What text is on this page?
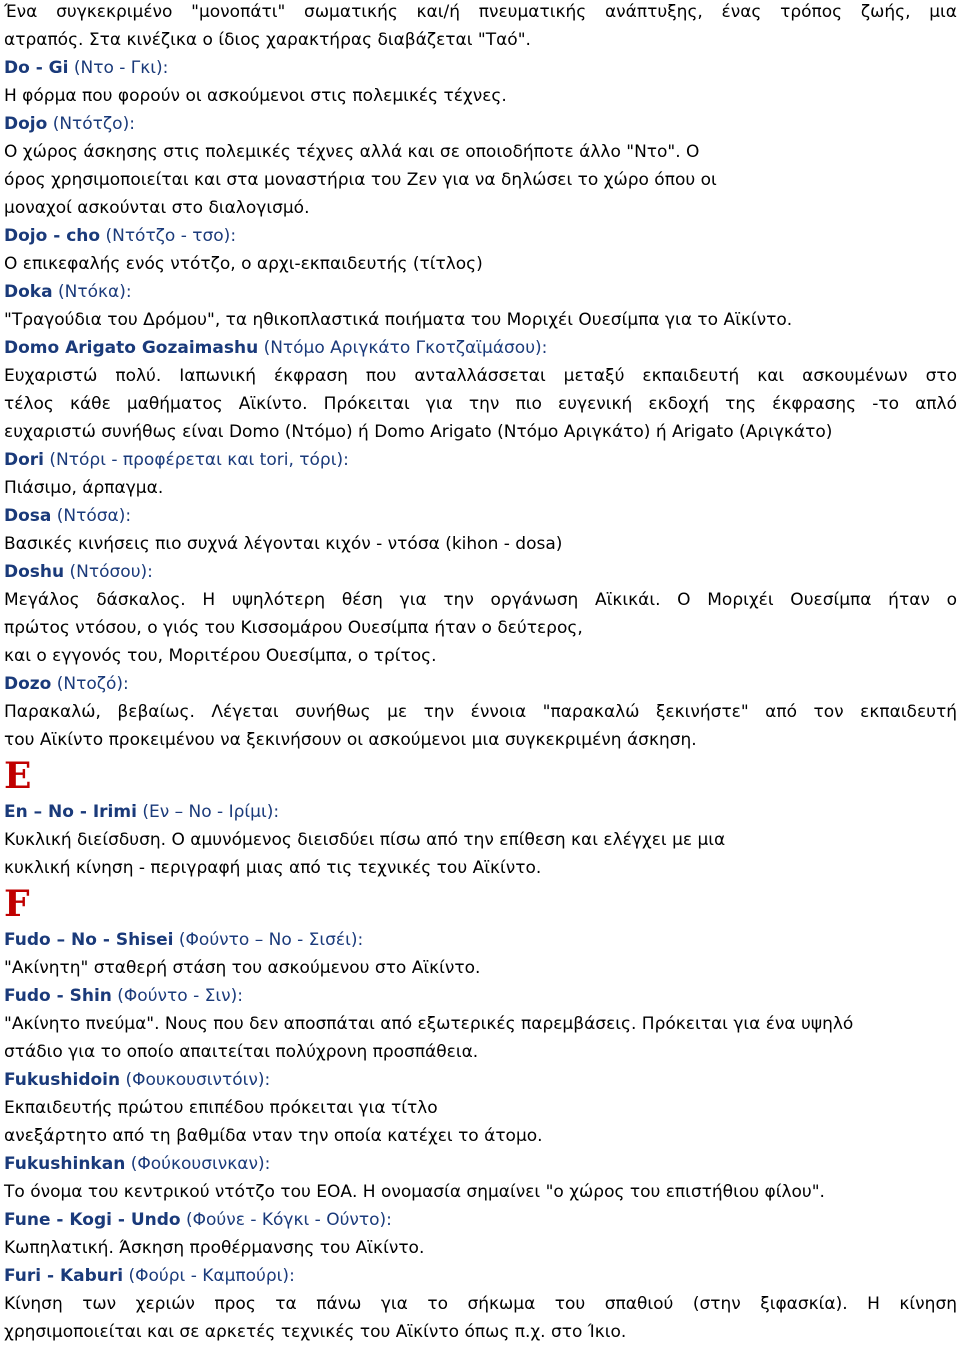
Ένα συγκεκριμένο "μονοπάτι" σωματικής και/ή πνευματικής ανάπτυξης, ένας τρόπος ζωής, μια
ατραπός. Στα κινέζικα ο ίδιος χαρακτήρας διαβάζεται "Ταό".
Do - Gi (Ντο - Γκι):
Η φόρμα που φορούν οι ασκούμενοι στις πολεμικές τέχνες.
Dojo (Ντότζο):
Ο χώρος άσκησης στις πολεμικές τέχνες αλλά και σε οποιοδήποτε άλλο "Ντο". Ο
όρος χρησιμοποιείται και στα μοναστήρια του Ζεν για να δηλώσει το χώρο όπου οι
μοναχοί ασκούνται στο διαλογισμό.
Dojo - cho (Ντότζο - τσο):
Ο επικεφαλής ενός ντότζο, ο αρχι-εκπαιδευτής (τίτλος)
Doka (Ντόκα):
"Τραγούδια του Δρόμου", τα ηθικοπλαστικά ποιήματα του Μοριχέι Ουεσίμπα για το Αϊκίντο.
Domo Arigato Gozaimashu (Ντόμο Αριγκάτο Γκοτζαϊμάσου):
Ευχαριστώ πολύ. Ιαπωνική έκφραση που ανταλλάσσεται μεταξύ εκπαιδευτή και ασκουμένων στο
τέλος κάθε μαθήματος Αϊκίντο. Πρόκειται για την πιο ευγενική εκδοχή της έκφρασης -το απλό
ευχαριστώ συνήθως είναι Domo (Ντόμο) ή Domo Arigato (Ντόμο Αριγκάτο) ή Arigato (Αριγκάτο)
Dori (Ντόρι - προφέρεται και tori, τόρι):
Πιάσιμο, άρπαγμα.
Dosa (Ντόσα):
Βασικές κινήσεις πιο συχνά λέγονται κιχόν - ντόσα (kihon - dosa)
Doshu (Ντόσου):
Μεγάλος δάσκαλος. Η υψηλότερη θέση για την οργάνωση Αϊκικάι. Ο Μοριχέι Ουεσίμπα ήταν ο
πρώτος ντόσου, ο γιός του Κισσομάρου Ουεσίμπα ήταν ο δεύτερος,
και ο εγγονός του, Μοριτέρου Ουεσίμπα, ο τρίτος.
Dozo (Ντοζό):
Παρακαλώ, βεβαίως. Λέγεται συνήθως με την έννοια "παρακαλώ ξεκινήστε" από τον εκπαιδευτή
του Αϊκίντο προκειμένου να ξεκινήσουν οι ασκούμενοι μια συγκεκριμένη άσκηση.
E
En – No - Irimi (Εν – Νο - Ιρίμι):
Κυκλική διείσδυση. Ο αμυνόμενος διεισδύει πίσω από την επίθεση και ελέγχει με μια
κυκλική κίνηση - περιγραφή μιας από τις τεχνικές του Αϊκίντο.
F
Fudo – No - Shisei (Φούντο – Νο - Σισέι):
"Ακίνητη" σταθερή στάση του ασκούμενου στο Αϊκίντο.
Fudo - Shin (Φούντο - Σιν):
"Ακίνητο πνεύμα". Νους που δεν αποσπάται από εξωτερικές παρεμβάσεις. Πρόκειται για ένα υψηλό
στάδιο για το οποίο απαιτείται πολύχρονη προσπάθεια.
Fukushidoin (Φουκουσιντόιν):
Εκπαιδευτής πρώτου επιπέδου πρόκειται για τίτλο
ανεξάρτητο από τη βαθμίδα νταν την οποία κατέχει το άτομο.
Fukushinkan (Φούκουσινκαν):
Το όνομα του κεντρικού ντότζο του ΕΟΑ. Η ονομασία σημαίνει "ο χώρος του επιστήθιου φίλου".
Fune - Kogi - Undo (Φούνε - Κόγκι - Ούντο):
Κωπηλατική. Άσκηση προθέρμανσης του Αϊκίντο.
Furi - Kaburi (Φούρι - Καμπούρι):
Κίνηση των χεριών προς τα πάνω για το σήκωμα του σπαθιού (στην ξιφασκία). Η κίνηση
χρησιμοποιείται και σε αρκετές τεχνικές του Αϊκίντο όπως π.χ. στο Ίκιο.
